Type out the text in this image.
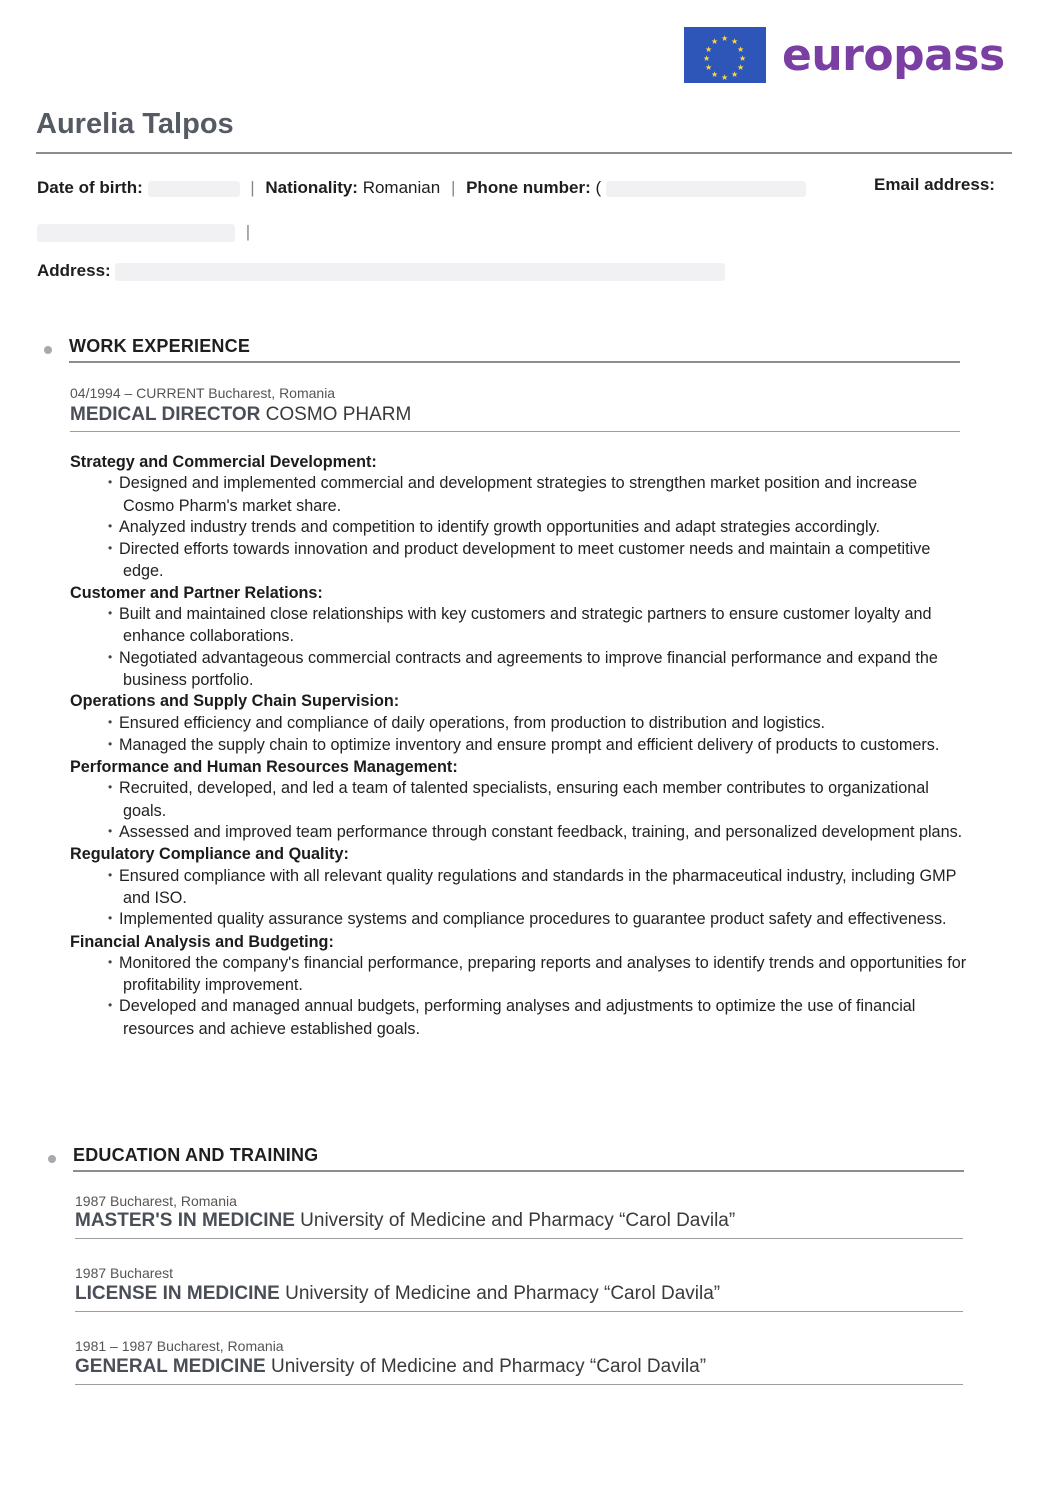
★ ★
★
★
★
★
★
★
★
★
★
★ europass
Aurelia Talpos
Date of birth:	| Nationality: Romanian | Phone number: (	Email address:
|
Address:
WORK EXPERIENCE
04/1994 – CURRENT Bucharest, Romania
MEDICAL DIRECTOR COSMO PHARM
Strategy and Commercial Development:
• Designed and implemented commercial and development strategies to strengthen market position and increase Cosmo Pharm's market share.
• Analyzed industry trends and competition to identify growth opportunities and adapt strategies accordingly.
• Directed efforts towards innovation and product development to meet customer needs and maintain a competitive edge.
Customer and Partner Relations:
• Built and maintained close relationships with key customers and strategic partners to ensure customer loyalty and enhance collaborations.
• Negotiated advantageous commercial contracts and agreements to improve financial performance and expand the business portfolio.
Operations and Supply Chain Supervision:
• Ensured efficiency and compliance of daily operations, from production to distribution and logistics.
• Managed the supply chain to optimize inventory and ensure prompt and efficient delivery of products to customers.
Performance and Human Resources Management:
• Recruited, developed, and led a team of talented specialists, ensuring each member contributes to organizational goals.
• Assessed and improved team performance through constant feedback, training, and personalized development plans.
Regulatory Compliance and Quality:
• Ensured compliance with all relevant quality regulations and standards in the pharmaceutical industry, including GMP and ISO.
• Implemented quality assurance systems and compliance procedures to guarantee product safety and effectiveness.
Financial Analysis and Budgeting:
• Monitored the company's financial performance, preparing reports and analyses to identify trends and opportunities for profitability improvement.
• Developed and managed annual budgets, performing analyses and adjustments to optimize the use of financial resources and achieve established goals.
EDUCATION AND TRAINING
1987 Bucharest, Romania
MASTER'S IN MEDICINE University of Medicine and Pharmacy “Carol Davila”
1987 Bucharest
LICENSE IN MEDICINE University of Medicine and Pharmacy “Carol Davila”
1981 – 1987 Bucharest, Romania
GENERAL MEDICINE University of Medicine and Pharmacy “Carol Davila”
